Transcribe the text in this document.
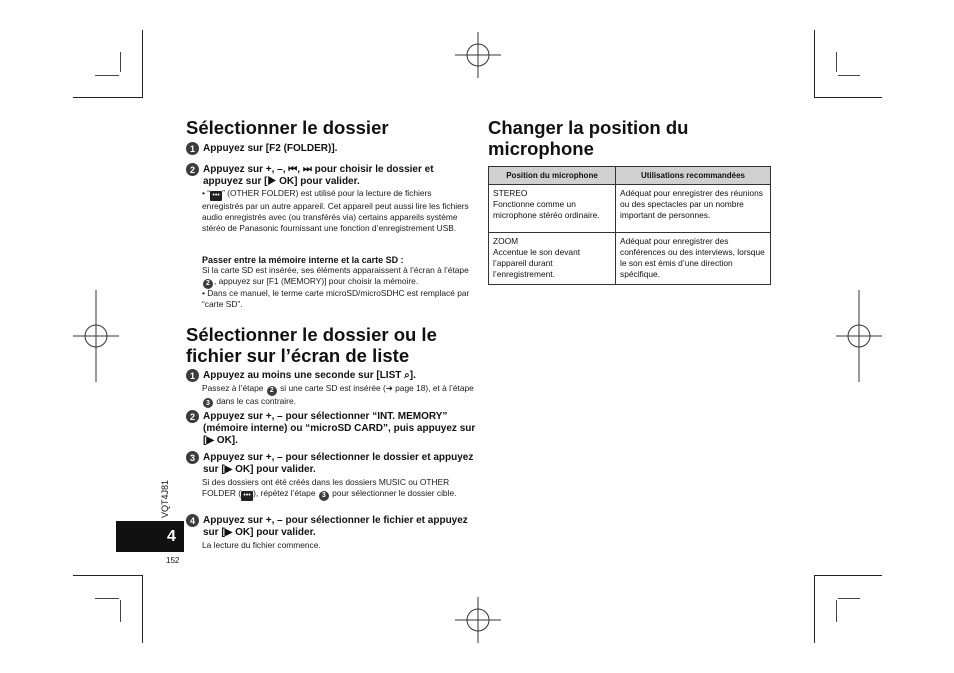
Sélectionner le dossier
1 Appuyez sur [F2 (FOLDER)].
2 Appuyez sur +, –, ⏮, ⏭ pour choisir le dossier et appuyez sur [▶ OK] pour valider.
• “ ••• ” (OTHER FOLDER) est utilisé pour la lecture de fichiers enregistrés par un autre appareil. Cet appareil peut aussi lire les fichiers audio enregistrés avec (ou transférés via) certains appareils système stéréo de Panasonic fournissant une fonction d’enregistrement USB.
Passer entre la mémoire interne et la carte SD :
Si la carte SD est insérée, ses éléments apparaissent à l’écran à l’étape 2 , appuyez sur [F1 (MEMORY)] pour choisir la mémoire.
• Dans ce manuel, le terme carte microSD/microSDHC est remplacé par “carte SD”.
Sélectionner le dossier ou le fichier sur l’écran de liste
1 Appuyez au moins une seconde sur [LIST ⌕].
Passez à l’étape 2 si une carte SD est insérée (➜ page 18), et à l’étape 3 dans le cas contraire.
2 Appuyez sur +, – pour sélectionner “INT. MEMORY” (mémoire interne) ou “microSD CARD”, puis appuyez sur [▶ OK].
3 Appuyez sur +, – pour sélectionner le dossier et appuyez sur [▶ OK] pour valider.
Si des dossiers ont été créés dans les dossiers MUSIC ou OTHER FOLDER ( ••• ), répétez l’étape 3 pour sélectionner le dossier cible.
4 Appuyez sur +, – pour sélectionner le fichier et appuyez sur [▶ OK] pour valider.
La lecture du fichier commence.
Changer la position du microphone
Position du microphone	Utilisations recommandées
STEREO
Fonctionne comme un microphone stéréo ordinaire.	Adéquat pour enregistrer des réunions ou des spectacles par un nombre important de personnes.
ZOOM
Accentue le son devant l’appareil durant l’enregistrement.	Adéquat pour enregistrer des conférences ou des interviews, lorsque le son est émis d’une direction spécifique.
VQT4J81
4
152
